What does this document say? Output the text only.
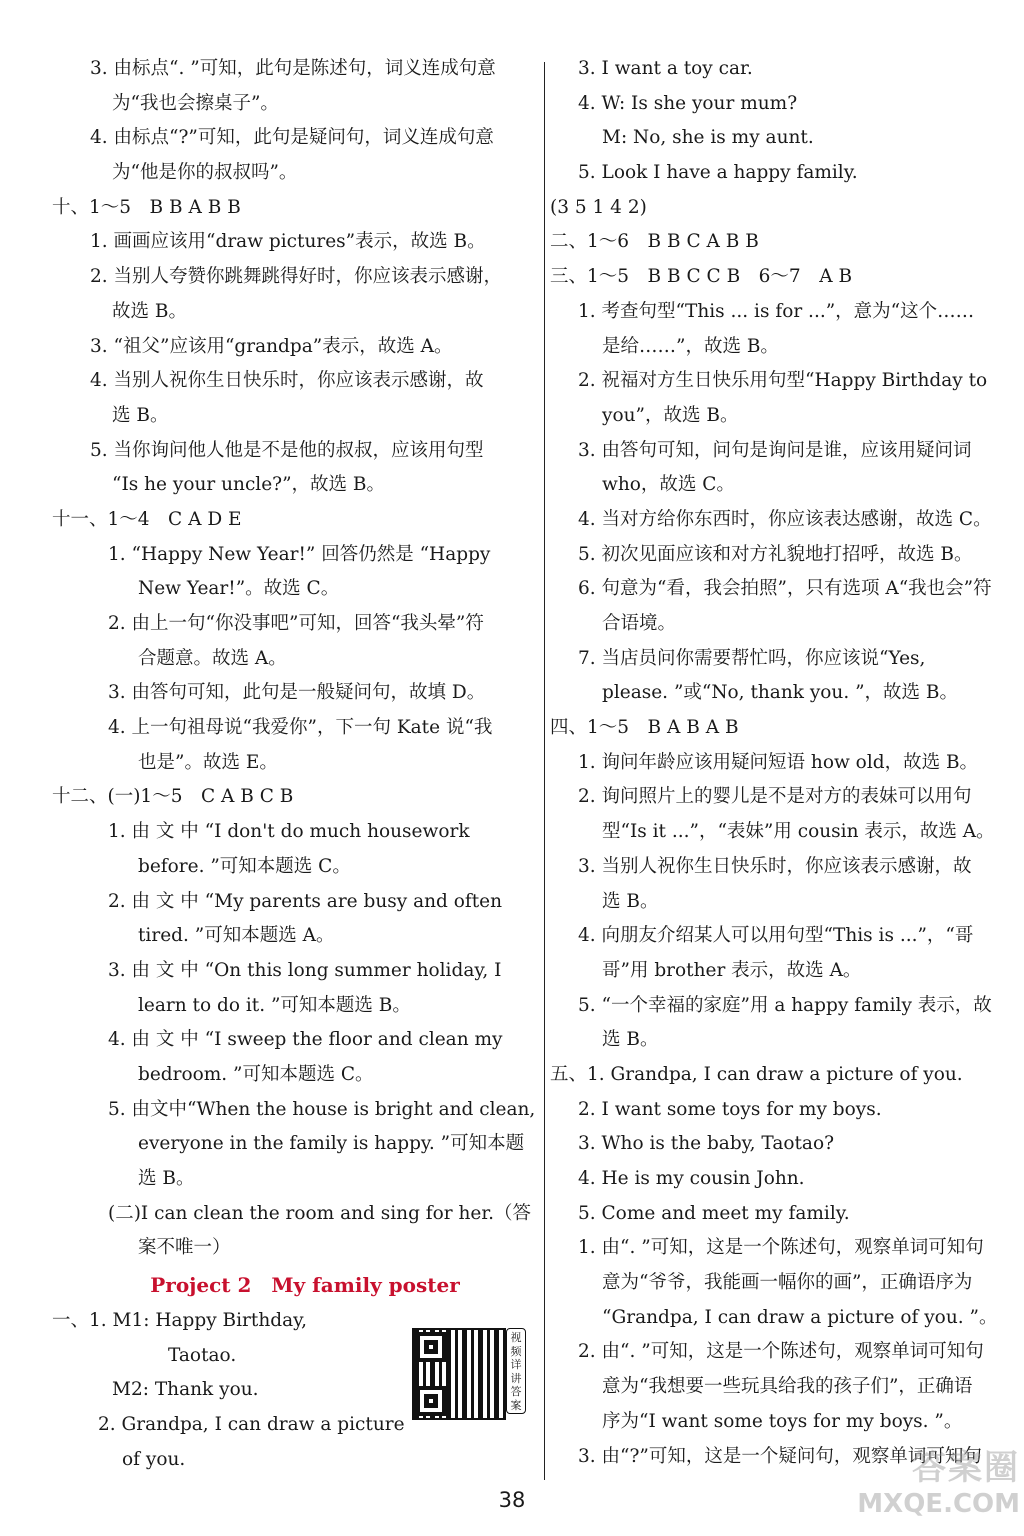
3. 由标点“. ”可知，此句是陈述句，词义连成句意
为“我也会擦桌子”。
4. 由标点“?”可知，此句是疑问句，词义连成句意
为“他是你的叔叔吗”。
十、1～5　B B A B B
1. 画画应该用“draw pictures”表示，故选 B。
2. 当别人夸赞你跳舞跳得好时，你应该表示感谢，
故选 B。
3. “祖父”应该用“grandpa”表示，故选 A。
4. 当别人祝你生日快乐时，你应该表示感谢，故
选 B。
5. 当你询问他人他是不是他的叔叔，应该用句型
“Is he your uncle?”，故选 B。
十一、1～4　C A D E
1. “Happy New Year!” 回答仍然是 “Happy
New Year!”。故选 C。
2. 由上一句“你没事吧”可知，回答“我头晕”符
合题意。故选 A。
3. 由答句可知，此句是一般疑问句，故填 D。
4. 上一句祖母说“我爱你”，下一句 Kate 说“我
也是”。故选 E。
十二、(一)1～5　C A B C B
1. 由 文 中 “I don't do much housework
before. ”可知本题选 C。
2. 由 文 中 “My parents are busy and often
tired. ”可知本题选 A。
3. 由 文 中 “On this long summer holiday, I
learn to do it. ”可知本题选 B。
4. 由 文 中 “I sweep the floor and clean my
bedroom. ”可知本题选 C。
5. 由文中“When the house is bright and clean,
everyone in the family is happy. ”可知本题
选 B。
(二)I can clean the room and sing for her.（答
案不唯一）
Project 2　My family poster
一、1. M1: Happy Birthday,
Taotao.
M2: Thank you.
2. Grandpa, I can draw a picture
of you.
视频详讲答案
3. I want a toy car.
4. W: Is she your mum?
M: No, she is my aunt.
5. Look I have a happy family.
(3 5 1 4 2)
二、1～6　B B C A B B
三、1～5　B B C C B　6～7　A B
1. 考查句型“This ... is for ...”，意为“这个……
是给……”，故选 B。
2. 祝福对方生日快乐用句型“Happy Birthday to
you”，故选 B。
3. 由答句可知，问句是询问是谁，应该用疑问词
who，故选 C。
4. 当对方给你东西时，你应该表达感谢，故选 C。
5. 初次见面应该和对方礼貌地打招呼，故选 B。
6. 句意为“看，我会拍照”，只有选项 A“我也会”符
合语境。
7. 当店员问你需要帮忙吗，你应该说“Yes,
please. ”或“No, thank you. ”，故选 B。
四、1～5　B A B A B
1. 询问年龄应该用疑问短语 how old，故选 B。
2. 询问照片上的婴儿是不是对方的表妹可以用句
型“Is it ...”，“表妹”用 cousin 表示，故选 A。
3. 当别人祝你生日快乐时，你应该表示感谢，故
选 B。
4. 向朋友介绍某人可以用句型“This is ...”，“哥
哥”用 brother 表示，故选 A。
5. “一个幸福的家庭”用 a happy family 表示，故
选 B。
五、1. Grandpa, I can draw a picture of you.
2. I want some toys for my boys.
3. Who is the baby, Taotao?
4. He is my cousin John.
5. Come and meet my family.
1. 由“. ”可知，这是一个陈述句，观察单词可知句
意为“爷爷，我能画一幅你的画”，正确语序为
“Grandpa, I can draw a picture of you. ”。
2. 由“. ”可知，这是一个陈述句，观察单词可知句
意为“我想要一些玩具给我的孩子们”，正确语
序为“I want some toys for my boys. ”。
3. 由“?”可知，这是一个疑问句，观察单词可知句
38
答案圈
MXQE.COM
